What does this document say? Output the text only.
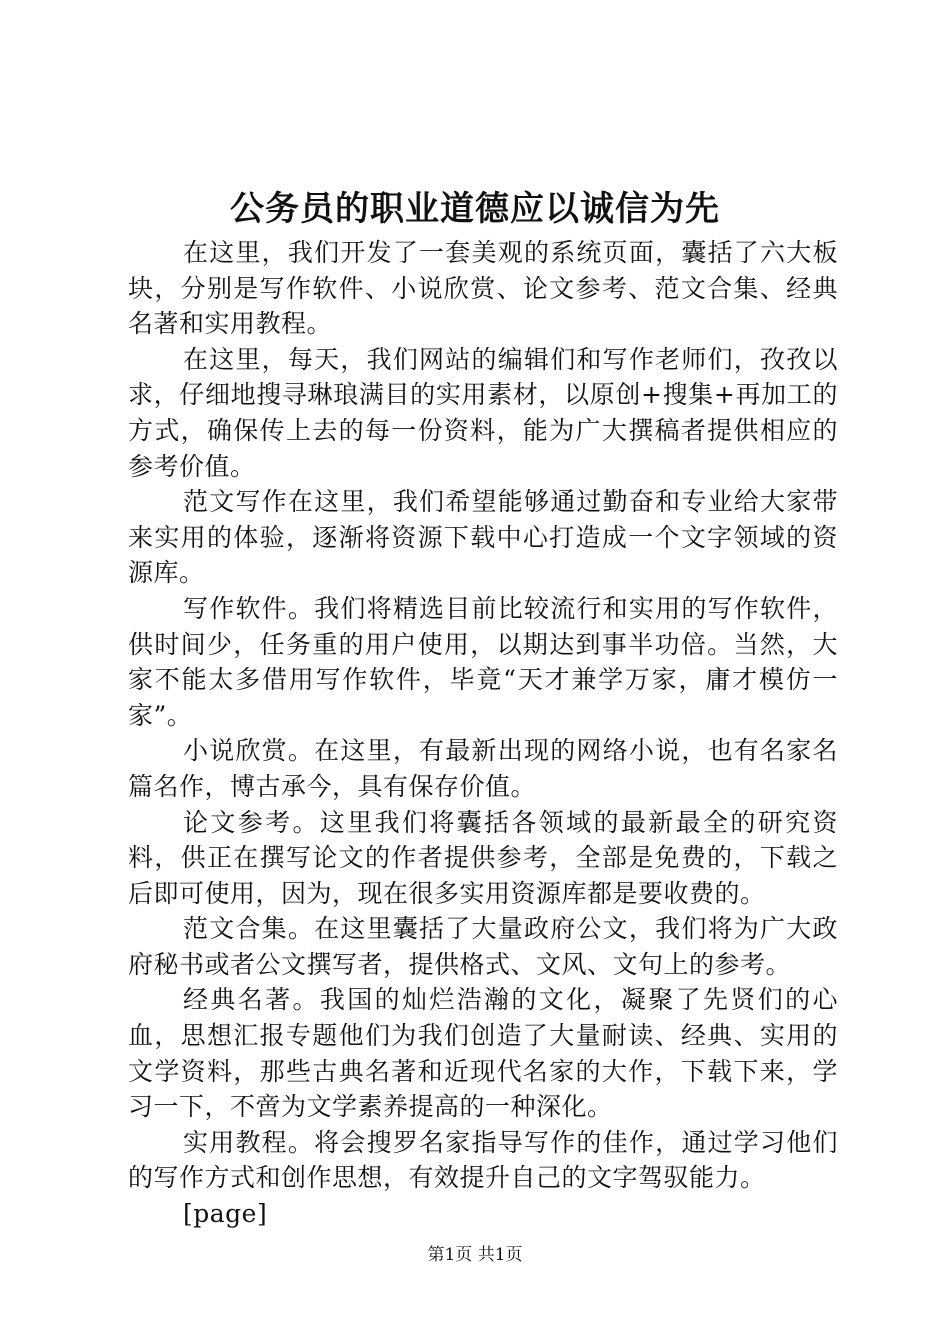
公务员的职业道德应以诚信为先

在这里，我们开发了一套美观的系统页面，囊括了六大板块，分别是写作软件、小说欣赏、论文参考、范文合集、经典名著和实用教程。

在这里，每天，我们网站的编辑们和写作老师们，孜孜以求，仔细地搜寻琳琅满目的实用素材，以原创+搜集+再加工的方式，确保传上去的每一份资料，能为广大撰稿者提供相应的参考价值。

范文写作在这里，我们希望能够通过勤奋和专业给大家带来实用的体验，逐渐将资源下载中心打造成一个文字领域的资源库。

写作软件。我们将精选目前比较流行和实用的写作软件，供时间少，任务重的用户使用，以期达到事半功倍。当然，大家不能太多借用写作软件，毕竟“天才兼学万家，庸才模仿一家”。

小说欣赏。在这里，有最新出现的网络小说，也有名家名篇名作，博古承今，具有保存价值。

论文参考。这里我们将囊括各领域的最新最全的研究资料，供正在撰写论文的作者提供参考，全部是免费的，下载之后即可使用，因为，现在很多实用资源库都是要收费的。

范文合集。在这里囊括了大量政府公文，我们将为广大政府秘书或者公文撰写者，提供格式、文风、文句上的参考。

经典名著。我国的灿烂浩瀚的文化，凝聚了先贤们的心血，思想汇报专题他们为我们创造了大量耐读、经典、实用的文学资料，那些古典名著和近现代名家的大作，下载下来，学习一下，不啻为文学素养提高的一种深化。

实用教程。将会搜罗名家指导写作的佳作，通过学习他们的写作方式和创作思想，有效提升自己的文字驾驭能力。

[page]

第1页 共1页
